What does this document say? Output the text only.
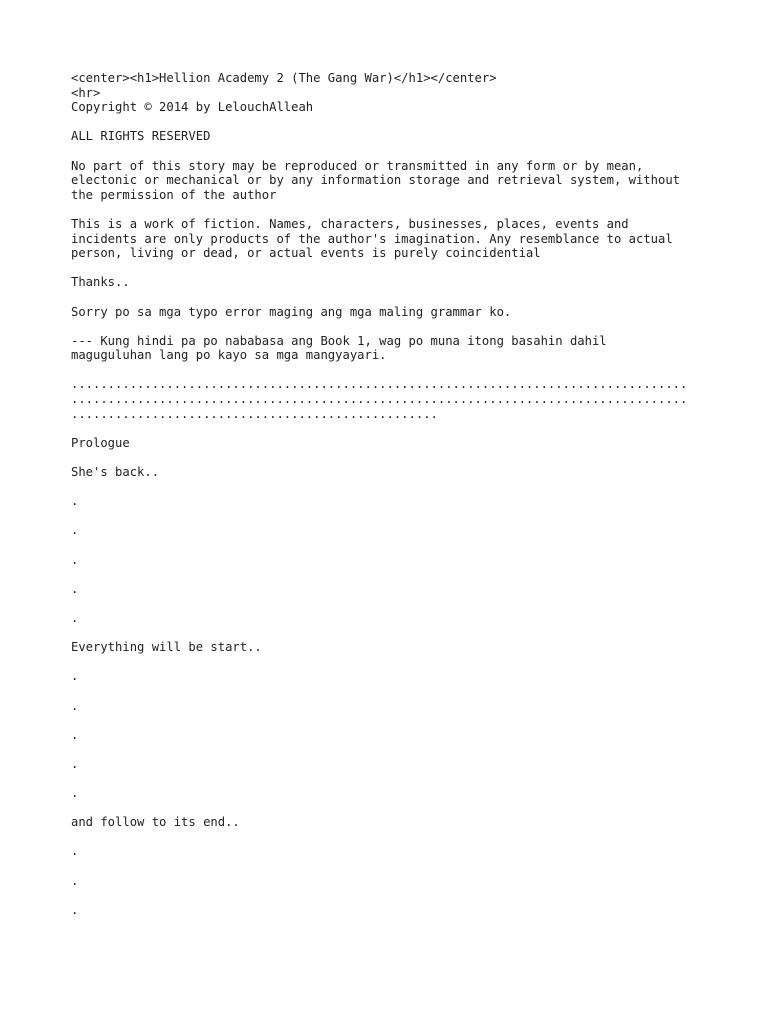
<center><h1>Hellion Academy 2 (The Gang War)</h1></center>
<hr>
Copyright © 2014 by LelouchAlleah
ALL RIGHTS RESERVED
No part of this story may be reproduced or transmitted in any form or by mean,
electonic or mechanical or by any information storage and retrieval system, without
the permission of the author
This is a work of fiction. Names, characters, businesses, places, events and
incidents are only products of the author's imagination. Any resemblance to actual
person, living or dead, or actual events is purely coincidential
Thanks..
Sorry po sa mga typo error maging ang mga maling grammar ko.
--- Kung hindi pa po nababasa ang Book 1, wag po muna itong basahin dahil
maguguluhan lang po kayo sa mga mangyayari.
....................................................................................
....................................................................................
..................................................
Prologue
She's back..
.
.
.
.
.
Everything will be start..
.
.
.
.
.
and follow to its end..
.
.
.
